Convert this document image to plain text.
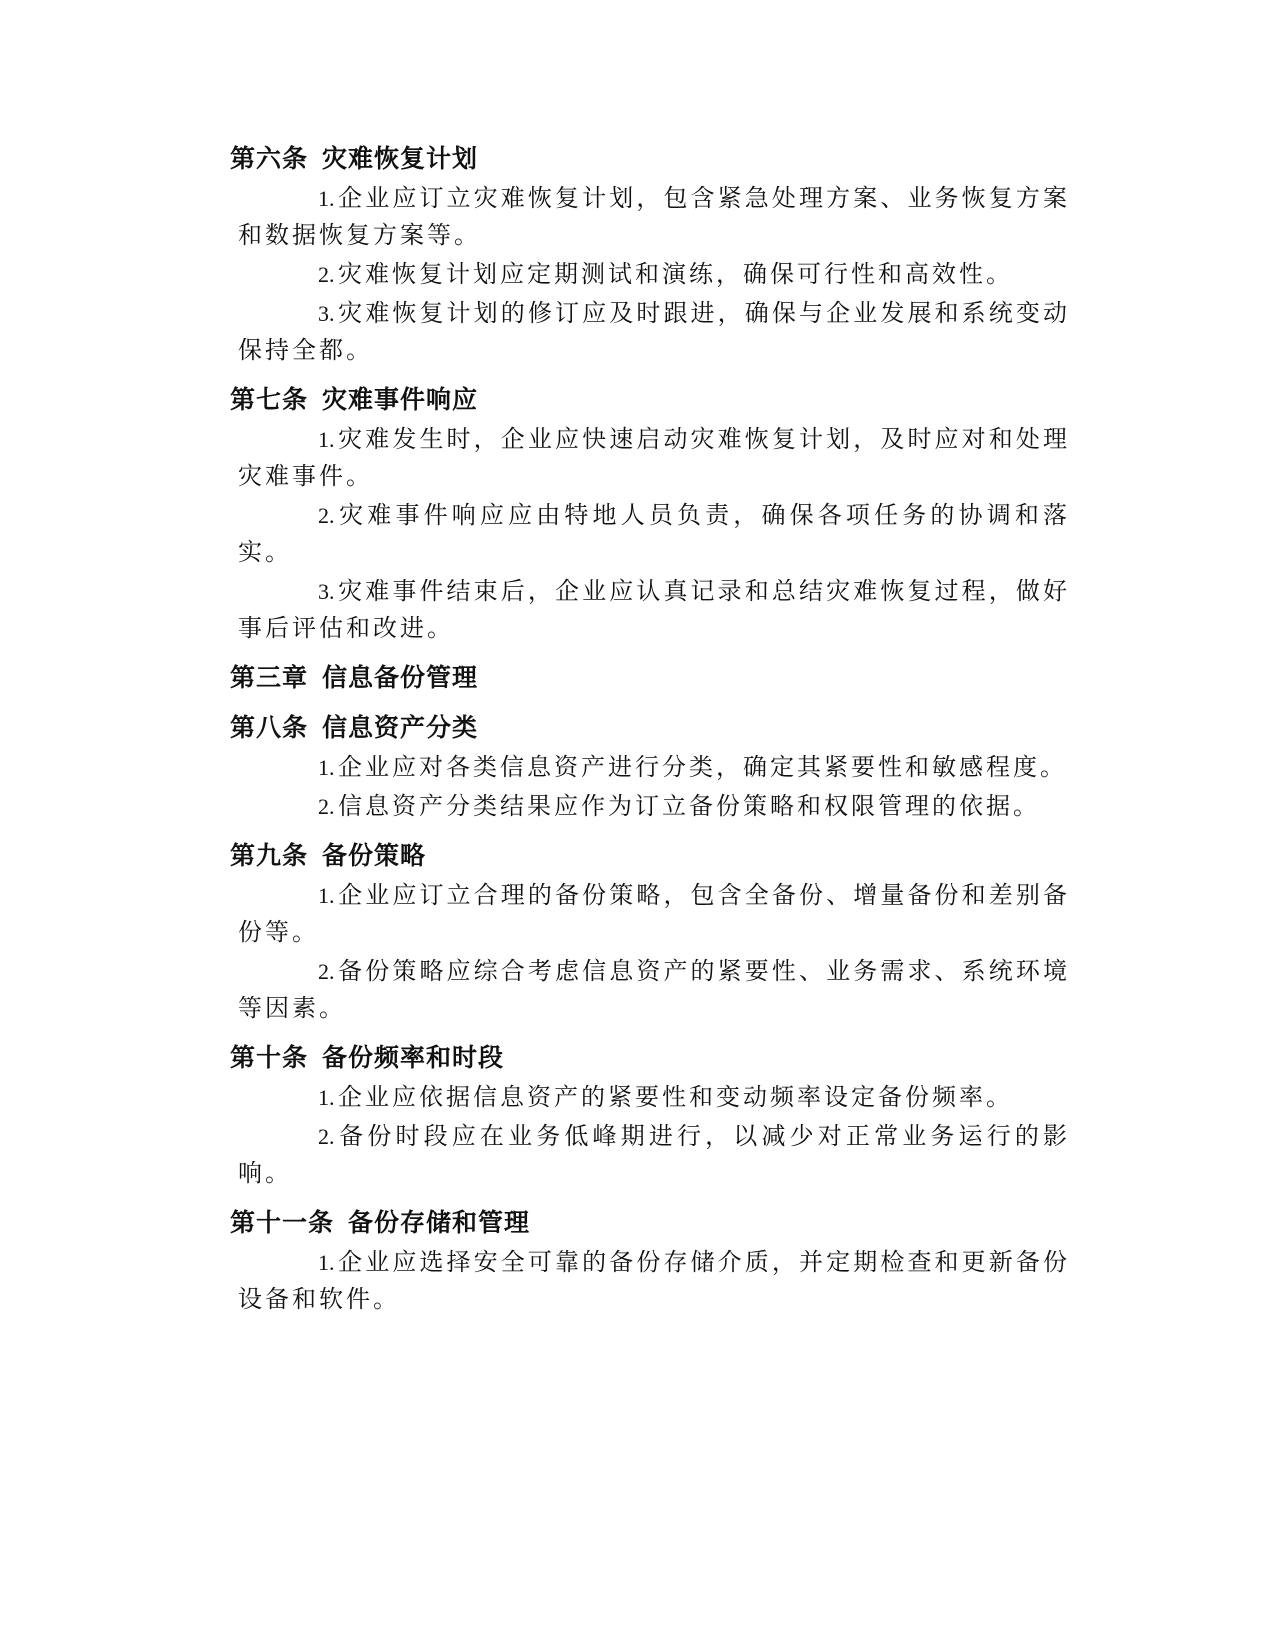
第六条 灾难恢复计划

1. 企业应订立灾难恢复计划，包含紧急处理方案、业务恢复方案和数据恢复方案等。

2. 灾难恢复计划应定期测试和演练，确保可行性和高效性。

3. 灾难恢复计划的修订应及时跟进，确保与企业发展和系统变动保持全都。

第七条 灾难事件响应

1. 灾难发生时，企业应快速启动灾难恢复计划，及时应对和处理灾难事件。

2. 灾难事件响应应由特地人员负责，确保各项任务的协调和落实。

3. 灾难事件结束后，企业应认真记录和总结灾难恢复过程，做好事后评估和改进。

第三章 信息备份管理
第八条 信息资产分类

1. 企业应对各类信息资产进行分类，确定其紧要性和敏感程度。

2. 信息资产分类结果应作为订立备份策略和权限管理的依据。

第九条 备份策略

1. 企业应订立合理的备份策略，包含全备份、增量备份和差别备份等。

2. 备份策略应综合考虑信息资产的紧要性、业务需求、系统环境等因素。

第十条 备份频率和时段

1. 企业应依据信息资产的紧要性和变动频率设定备份频率。

2. 备份时段应在业务低峰期进行，以减少对正常业务运行的影响。

第十一条 备份存储和管理

1. 企业应选择安全可靠的备份存储介质，并定期检查和更新备份设备和软件。
